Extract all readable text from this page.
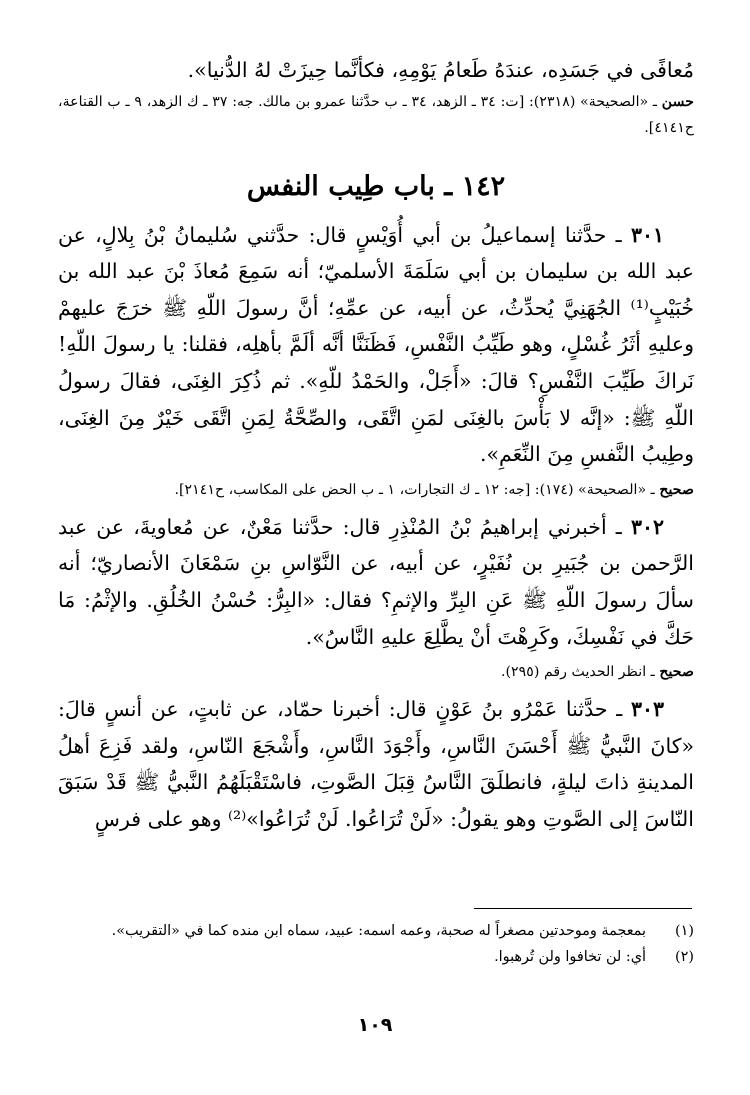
مُعافًى في جَسَدِه، عندَهُ طَعامُ يَوْمِهِ، فكأنَّما حِيزَتْ لهُ الدُّنيا».

حسن ـ «الصحيحة» (٢٣١٨): [ت: ٣٤ ـ الزهد، ٣٤ ـ ب حدَّثنا عمرو بن مالك. جه: ٣٧ ـ ك الزهد، ٩ ـ ب القناعة، ح٤١٤١].

١٤٢ ـ باب طِيب النفس

٣٠١ ـ حدَّثنا إسماعيلُ بن أبي أُوَيْسٍ قال: حدَّثني سُليمانُ بْنُ بِلالٍ، عن عبد الله بن سليمان بن أبي سَلَمَةَ الأسلميّ؛ أنه سَمِعَ مُعاذَ بْنَ عبد الله بن خُبَيْبٍ⁽¹⁾ الجُهَنِيَّ يُحدِّثُ، عن أبيه، عن عمِّهِ؛ أنَّ رسولَ اللّهِ ﷺ خرَجَ عليهمْ وعليهِ أثَرُ غُسْلٍ، وهو طَيِّبُ النَّفْسِ، فَظَنَنَّا أنَّه ألَمَّ بأهلِه، فقلنا: يا رسولَ اللّهِ! نَراكَ طَيِّبَ النَّفْسِ؟ قالَ: «أَجَلْ، والحَمْدُ للّهِ». ثم ذُكِرَ الغِنَى، فقالَ رسولُ اللّهِ ﷺ: «إنَّه لا بَأْسَ بالغِنَى لمَنِ اتَّقَى، والصِّحَّةُ لِمَنِ اتَّقَى خَيْرٌ مِنَ الغِنَى، وطِيبُ النَّفسِ مِنَ النِّعَمِ».

صحيح ـ «الصحيحة» (١٧٤): [جه: ١٢ ـ ك التجارات، ١ ـ ب الحض على المكاسب، ح٢١٤١].

٣٠٢ ـ أخبرني إبراهيمُ بْنُ المُنْذِرِ قال: حدَّثنا مَعْنٌ، عن مُعاويةَ، عن عبد الرَّحمن بن جُبَيرِ بن نُفَيْرٍ، عن أبيه، عن النَّوّاسِ بنِ سَمْعَانَ الأنصاريّ؛ أنه سألَ رسولَ اللّهِ ﷺ عَنِ البِرِّ والإثمِ؟ فقال: «البِرُّ: حُسْنُ الخُلُقِ. والإثْمُ: مَا حَكَّ في نَفْسِكَ، وكَرِهْتَ أنْ يطَّلِعَ عليهِ النَّاسُ».

صحيح ـ انظر الحديث رقم (٢٩٥).

٣٠٣ ـ حدَّثنا عَمْرُو بنُ عَوْنٍ قال: أخبرنا حمّاد، عن ثابتٍ، عن أنسٍ قالَ: «كانَ النَّبيُّ ﷺ أَحْسَنَ النَّاسِ، وأَجْوَدَ النَّاسِ، وأَشْجَعَ النّاسِ، ولقد فَزِعَ أهلُ المدينةِ ذاتَ ليلةٍ، فانطلَقَ النَّاسُ قِبَلَ الصَّوتِ، فاسْتَقْبَلَهُمُ النَّبيُّ ﷺ قَدْ سَبَقَ النّاسَ إلى الصَّوتِ وهو يقولُ: «لَنْ تُرَاعُوا. لَنْ تُرَاعُوا»⁽²⁾ وهو على فرسٍ

(١)
بمعجمة وموحدتين مصغراً له صحبة، وعمه اسمه: عبيد، سماه ابن منده كما في «التقريب».

(٢)
أي: لن تخافوا ولن تُرهبوا.

١٠٩
